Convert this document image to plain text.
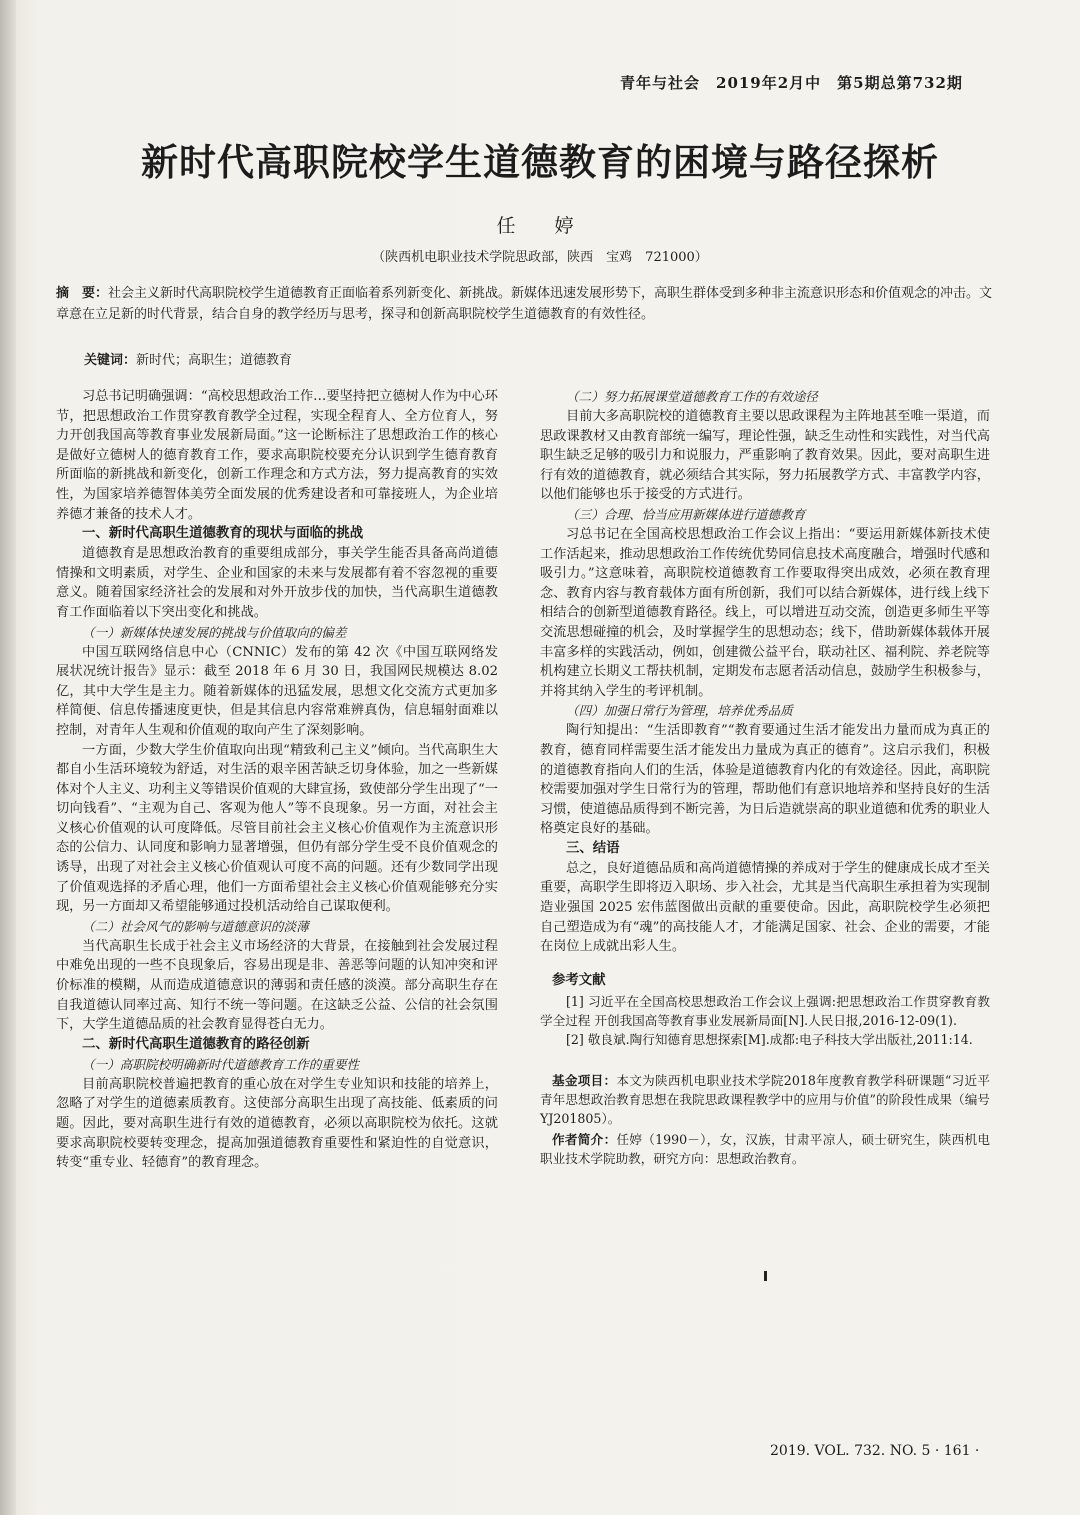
青年与社会　2019年2月中　第5期总第732期
新时代高职院校学生道德教育的困境与路径探析
任　婷
（陕西机电职业技术学院思政部，陕西　宝鸡　721000）
摘　要：社会主义新时代高职院校学生道德教育正面临着系列新变化、新挑战。新媒体迅速发展形势下，高职生群体受到多种非主流意识形态和价值观念的冲击。文章意在立足新的时代背景，结合自身的教学经历与思考，探寻和创新高职院校学生道德教育的有效性径。
关键词：新时代；高职生；道德教育

习总书记明确强调：“高校思想政治工作…要坚持把立德树人作为中心环节，把思想政治工作贯穿教育教学全过程，实现全程育人、全方位育人，努力开创我国高等教育事业发展新局面。”这一论断标注了思想政治工作的核心是做好立德树人的德育教育工作，要求高职院校要充分认识到学生德育教育所面临的新挑战和新变化，创新工作理念和方式方法，努力提高教育的实效性，为国家培养德智体美劳全面发展的优秀建设者和可靠接班人，为企业培养德才兼备的技术人才。

一、新时代高职生道德教育的现状与面临的挑战

道德教育是思想政治教育的重要组成部分，事关学生能否具备高尚道德情操和文明素质，对学生、企业和国家的未来与发展都有着不容忽视的重要意义。随着国家经济社会的发展和对外开放步伐的加快，当代高职生道德教育工作面临着以下突出变化和挑战。

（一）新媒体快速发展的挑战与价值取向的偏差

中国互联网络信息中心（CNNIC）发布的第 42 次《中国互联网络发展状况统计报告》显示：截至 2018 年 6 月 30 日，我国网民规模达 8.02 亿，其中大学生是主力。随着新媒体的迅猛发展，思想文化交流方式更加多样简便、信息传播速度更快，但是其信息内容常难辨真伪，信息辐射面难以控制，对青年人生观和价值观的取向产生了深刻影响。

一方面，少数大学生价值取向出现“精致利己主义”倾向。当代高职生大都自小生活环境较为舒适，对生活的艰辛困苦缺乏切身体验，加之一些新媒体对个人主义、功利主义等错误价值观的大肆宣扬，致使部分学生出现了“一切向钱看”、“主观为自己、客观为他人”等不良现象。另一方面，对社会主义核心价值观的认可度降低。尽管目前社会主义核心价值观作为主流意识形态的公信力、认同度和影响力显著增强，但仍有部分学生受不良价值观念的诱导，出现了对社会主义核心价值观认可度不高的问题。还有少数同学出现了价值观选择的矛盾心理，他们一方面希望社会主义核心价值观能够充分实现，另一方面却又希望能够通过投机活动给自己谋取便利。

（二）社会风气的影响与道德意识的淡薄

当代高职生长成于社会主义市场经济的大背景，在接触到社会发展过程中难免出现的一些不良现象后，容易出现是非、善恶等问题的认知冲突和评价标准的模糊，从而造成道德意识的薄弱和责任感的淡漠。部分高职生存在自我道德认同率过高、知行不统一等问题。在这缺乏公益、公信的社会氛围下，大学生道德品质的社会教育显得苍白无力。

二、新时代高职生道德教育的路径创新
（一）高职院校明确新时代道德教育工作的重要性

目前高职院校普遍把教育的重心放在对学生专业知识和技能的培养上，忽略了对学生的道德素质教育。这使部分高职生出现了高技能、低素质的问题。因此，要对高职生进行有效的道德教育，必须以高职院校为依托。这就要求高职院校要转变理念，提高加强道德教育重要性和紧迫性的自觉意识，转变“重专业、轻德育”的教育理念。

（二）努力拓展课堂道德教育工作的有效途径

目前大多高职院校的道德教育主要以思政课程为主阵地甚至唯一渠道，而思政课教材又由教育部统一编写，理论性强，缺乏生动性和实践性，对当代高职生缺乏足够的吸引力和说服力，严重影响了教育效果。因此，要对高职生进行有效的道德教育，就必须结合其实际，努力拓展教学方式、丰富教学内容，以他们能够也乐于接受的方式进行。

（三）合理、恰当应用新媒体进行道德教育

习总书记在全国高校思想政治工作会议上指出：“要运用新媒体新技术使工作活起来，推动思想政治工作传统优势同信息技术高度融合，增强时代感和吸引力。”这意味着，高职院校道德教育工作要取得突出成效，必须在教育理念、教育内容与教育载体方面有所创新，我们可以结合新媒体，进行线上线下相结合的创新型道德教育路径。线上，可以增进互动交流，创造更多师生平等交流思想碰撞的机会，及时掌握学生的思想动态；线下，借助新媒体载体开展丰富多样的实践活动，例如，创建微公益平台，联动社区、福利院、养老院等机构建立长期义工帮扶机制，定期发布志愿者活动信息，鼓励学生积极参与，并将其纳入学生的考评机制。

（四）加强日常行为管理，培养优秀品质

陶行知提出：“生活即教育”“教育要通过生活才能发出力量而成为真正的教育，德育同样需要生活才能发出力量成为真正的德育”。这启示我们，积极的道德教育指向人们的生活，体验是道德教育内化的有效途径。因此，高职院校需要加强对学生日常行为的管理，帮助他们有意识地培养和坚持良好的生活习惯，使道德品质得到不断完善，为日后造就崇高的职业道德和优秀的职业人格奠定良好的基础。

三、结语

总之，良好道德品质和高尚道德情操的养成对于学生的健康成长成才至关重要，高职学生即将迈入职场、步入社会，尤其是当代高职生承担着为实现制造业强国 2025 宏伟蓝图做出贡献的重要使命。因此，高职院校学生必须把自己塑造成为有“魂”的高技能人才，才能满足国家、社会、企业的需要，才能在岗位上成就出彩人生。

参考文献

[1] 习近平在全国高校思想政治工作会议上强调:把思想政治工作贯穿教育教学全过程 开创我国高等教育事业发展新局面[N].人民日报,2016-12-09(1).

[2] 敬良斌.陶行知德育思想探索[M].成都:电子科技大学出版社,2011:14.

基金项目：本文为陕西机电职业技术学院2018年度教育教学科研课题“习近平青年思想政治教育思想在我院思政课程教学中的应用与价值”的阶段性成果（编号 YJ201805）。
作者简介：任婷（1990－），女，汉族，甘肃平凉人，硕士研究生，陕西机电职业技术学院助教，研究方向：思想政治教育。
2019. VOL. 732. NO. 5 · 161 ·
